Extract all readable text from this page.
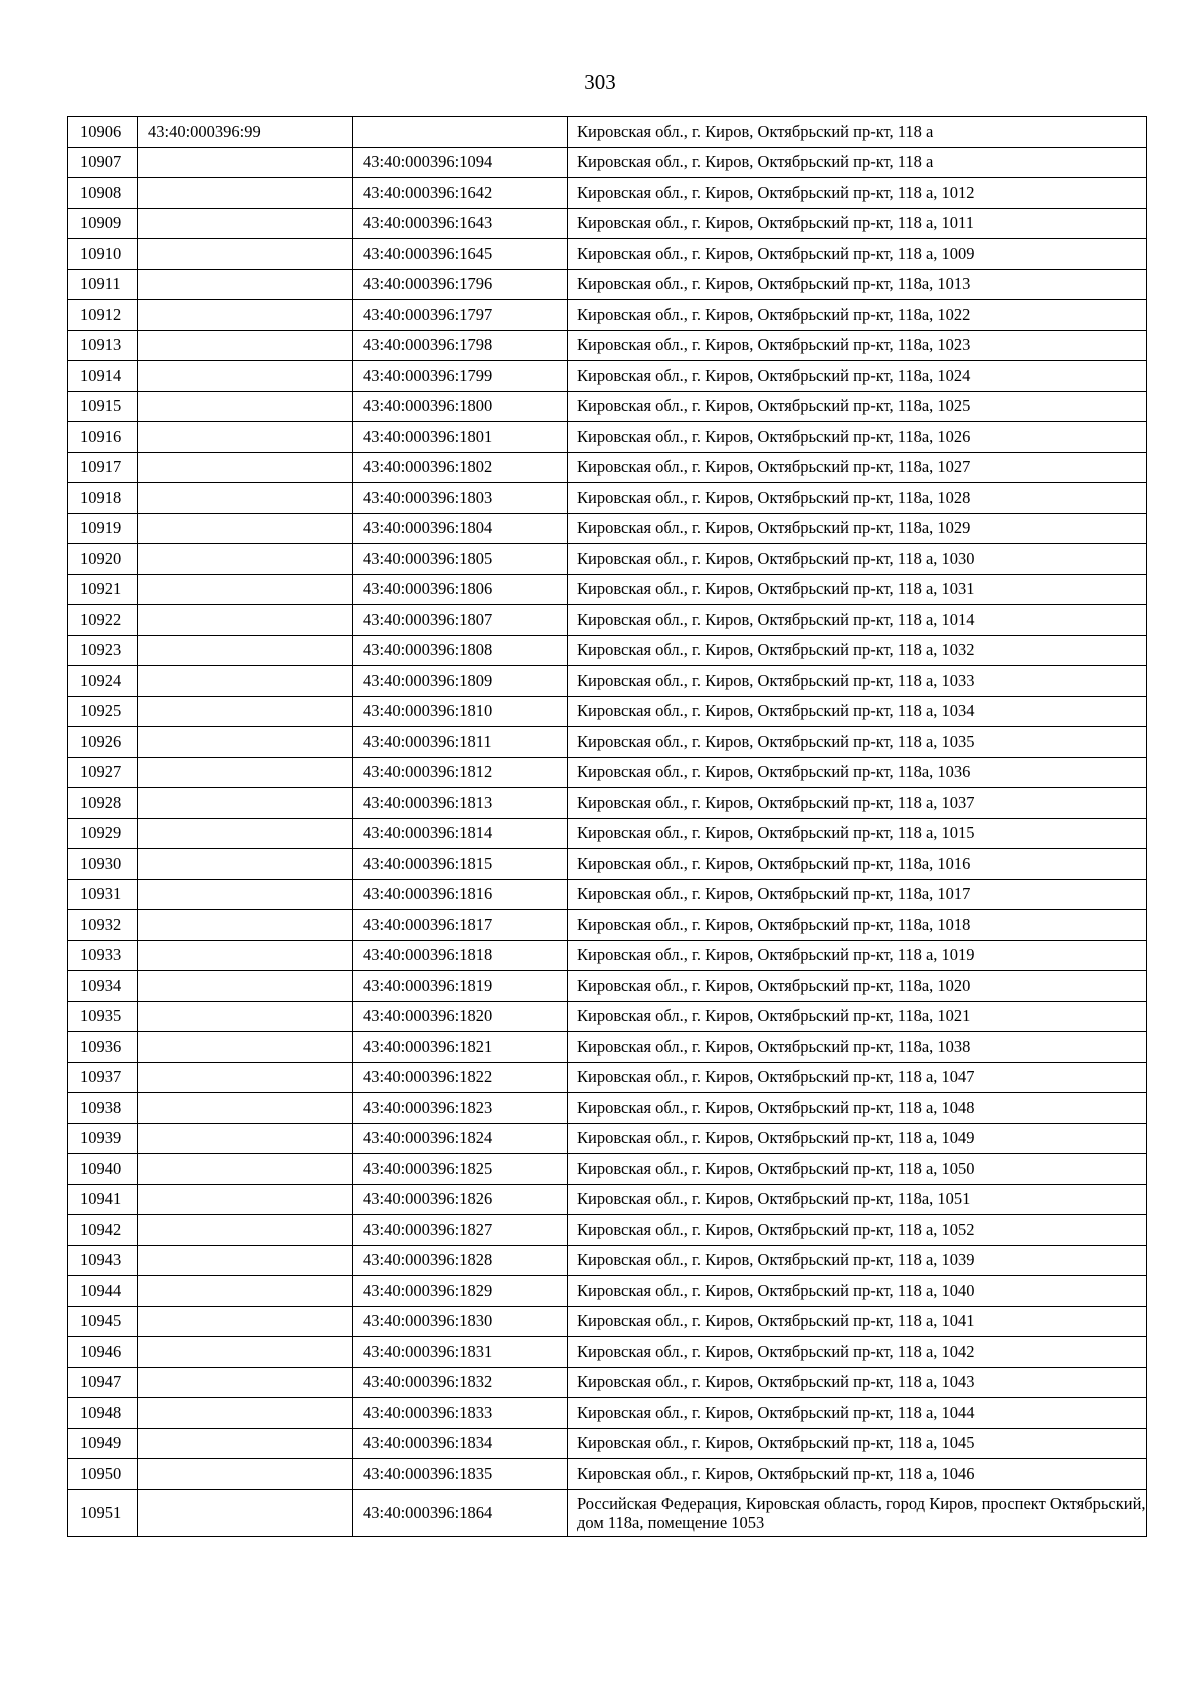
303
10906	43:40:000396:99		Кировская обл., г. Киров, Октябрьский пр-кт, 118 а
10907		43:40:000396:1094	Кировская обл., г. Киров, Октябрьский пр-кт, 118 а
10908		43:40:000396:1642	Кировская обл., г. Киров, Октябрьский пр-кт, 118 а, 1012
10909		43:40:000396:1643	Кировская обл., г. Киров, Октябрьский пр-кт, 118 а, 1011
10910		43:40:000396:1645	Кировская обл., г. Киров, Октябрьский пр-кт, 118 а, 1009
10911		43:40:000396:1796	Кировская обл., г. Киров, Октябрьский пр-кт, 118а, 1013
10912		43:40:000396:1797	Кировская обл., г. Киров, Октябрьский пр-кт, 118а, 1022
10913		43:40:000396:1798	Кировская обл., г. Киров, Октябрьский пр-кт, 118а, 1023
10914		43:40:000396:1799	Кировская обл., г. Киров, Октябрьский пр-кт, 118а, 1024
10915		43:40:000396:1800	Кировская обл., г. Киров, Октябрьский пр-кт, 118а, 1025
10916		43:40:000396:1801	Кировская обл., г. Киров, Октябрьский пр-кт, 118а, 1026
10917		43:40:000396:1802	Кировская обл., г. Киров, Октябрьский пр-кт, 118а, 1027
10918		43:40:000396:1803	Кировская обл., г. Киров, Октябрьский пр-кт, 118а, 1028
10919		43:40:000396:1804	Кировская обл., г. Киров, Октябрьский пр-кт, 118а, 1029
10920		43:40:000396:1805	Кировская обл., г. Киров, Октябрьский пр-кт, 118 а, 1030
10921		43:40:000396:1806	Кировская обл., г. Киров, Октябрьский пр-кт, 118 а, 1031
10922		43:40:000396:1807	Кировская обл., г. Киров, Октябрьский пр-кт, 118 а, 1014
10923		43:40:000396:1808	Кировская обл., г. Киров, Октябрьский пр-кт, 118 а, 1032
10924		43:40:000396:1809	Кировская обл., г. Киров, Октябрьский пр-кт, 118 а, 1033
10925		43:40:000396:1810	Кировская обл., г. Киров, Октябрьский пр-кт, 118 а, 1034
10926		43:40:000396:1811	Кировская обл., г. Киров, Октябрьский пр-кт, 118 а, 1035
10927		43:40:000396:1812	Кировская обл., г. Киров, Октябрьский пр-кт, 118а, 1036
10928		43:40:000396:1813	Кировская обл., г. Киров, Октябрьский пр-кт, 118 а, 1037
10929		43:40:000396:1814	Кировская обл., г. Киров, Октябрьский пр-кт, 118 а, 1015
10930		43:40:000396:1815	Кировская обл., г. Киров, Октябрьский пр-кт, 118а, 1016
10931		43:40:000396:1816	Кировская обл., г. Киров, Октябрьский пр-кт, 118а, 1017
10932		43:40:000396:1817	Кировская обл., г. Киров, Октябрьский пр-кт, 118а, 1018
10933		43:40:000396:1818	Кировская обл., г. Киров, Октябрьский пр-кт, 118 а, 1019
10934		43:40:000396:1819	Кировская обл., г. Киров, Октябрьский пр-кт, 118а, 1020
10935		43:40:000396:1820	Кировская обл., г. Киров, Октябрьский пр-кт, 118а, 1021
10936		43:40:000396:1821	Кировская обл., г. Киров, Октябрьский пр-кт, 118а, 1038
10937		43:40:000396:1822	Кировская обл., г. Киров, Октябрьский пр-кт, 118 а, 1047
10938		43:40:000396:1823	Кировская обл., г. Киров, Октябрьский пр-кт, 118 а, 1048
10939		43:40:000396:1824	Кировская обл., г. Киров, Октябрьский пр-кт, 118 а, 1049
10940		43:40:000396:1825	Кировская обл., г. Киров, Октябрьский пр-кт, 118 а, 1050
10941		43:40:000396:1826	Кировская обл., г. Киров, Октябрьский пр-кт, 118а, 1051
10942		43:40:000396:1827	Кировская обл., г. Киров, Октябрьский пр-кт, 118 а, 1052
10943		43:40:000396:1828	Кировская обл., г. Киров, Октябрьский пр-кт, 118 а, 1039
10944		43:40:000396:1829	Кировская обл., г. Киров, Октябрьский пр-кт, 118 а, 1040
10945		43:40:000396:1830	Кировская обл., г. Киров, Октябрьский пр-кт, 118 а, 1041
10946		43:40:000396:1831	Кировская обл., г. Киров, Октябрьский пр-кт, 118 а, 1042
10947		43:40:000396:1832	Кировская обл., г. Киров, Октябрьский пр-кт, 118 а, 1043
10948		43:40:000396:1833	Кировская обл., г. Киров, Октябрьский пр-кт, 118 а, 1044
10949		43:40:000396:1834	Кировская обл., г. Киров, Октябрьский пр-кт, 118 а, 1045
10950		43:40:000396:1835	Кировская обл., г. Киров, Октябрьский пр-кт, 118 а, 1046
10951		43:40:000396:1864	Российская Федерация, Кировская область, город Киров, проспект Октябрьский, дом 118а, помещение 1053
